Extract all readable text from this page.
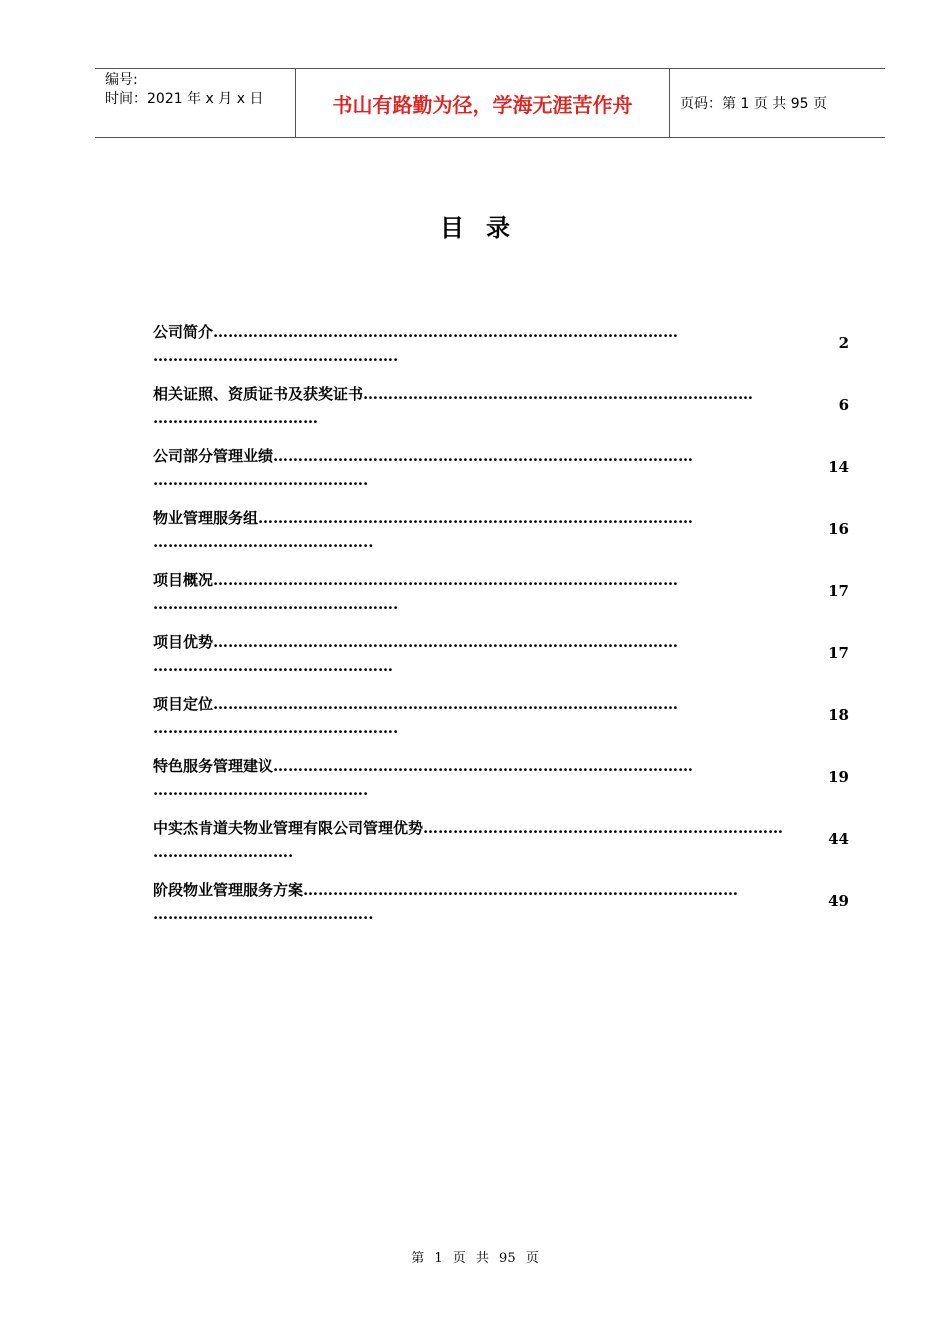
编号:
时间：2021 年 x 月 x 日	书山有路勤为径，学海无涯苦作舟	页码：第 1 页 共 95 页
目录
公司简介…………………………………………………………………………………
………………………………………….
2
相关证照、资质证书及获奖证书……………………………………………………………………
……………………………
6
公司部分管理业绩…………………………………………………………………………
…………………………………….
14
物业管理服务组……………………………………………………………………………
……………………………………..
16
项目概况…………………………………………………………………………………
………………………………………….
17
项目优势…………………………………………………………………………………
…………………………………………
17
项目定位…………………………………………………………………………………
………………………………………….
18
特色服务管理建议…………………………………………………………………………
…………………………………….
19
中实杰肯道夫物业管理有限公司管理优势………………………………………………………………
……………………….
44
阶段物业管理服务方案……………………………………………………………………………
……………………………………..
49
第 1 页 共 95 页
